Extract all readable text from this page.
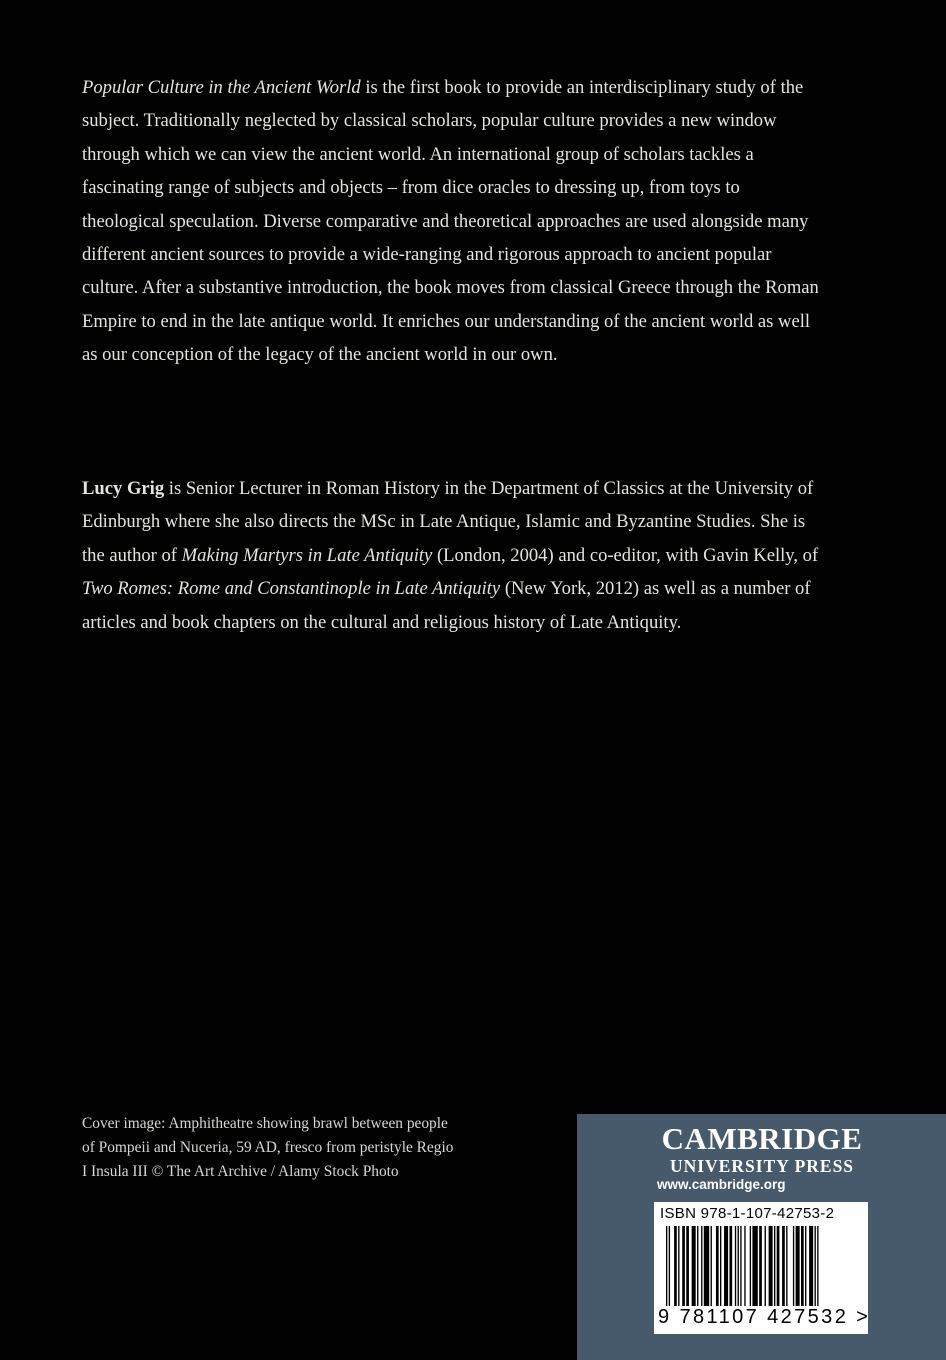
Popular Culture in the Ancient World is the first book to provide an interdisciplinary study of the subject. Traditionally neglected by classical scholars, popular culture provides a new window through which we can view the ancient world. An international group of scholars tackles a fascinating range of subjects and objects – from dice oracles to dressing up, from toys to theological speculation. Diverse comparative and theoretical approaches are used alongside many different ancient sources to provide a wide-ranging and rigorous approach to ancient popular culture. After a substantive introduction, the book moves from classical Greece through the Roman Empire to end in the late antique world. It enriches our understanding of the ancient world as well as our conception of the legacy of the ancient world in our own.

Lucy Grig is Senior Lecturer in Roman History in the Department of Classics at the University of Edinburgh where she also directs the MSc in Late Antique, Islamic and Byzantine Studies. She is the author of Making Martyrs in Late Antiquity (London, 2004) and co-editor, with Gavin Kelly, of Two Romes: Rome and Constantinople in Late Antiquity (New York, 2012) as well as a number of articles and book chapters on the cultural and religious history of Late Antiquity.

Cover image: Amphitheatre showing brawl between people of Pompeii and Nuceria, 59 AD, fresco from peristyle Regio I Insula III © The Art Archive / Alamy Stock Photo

CAMBRIDGE
UNIVERSITY PRESS
www.cambridge.org
ISBN 978-1-107-42753-2
9 781107 427532 >
